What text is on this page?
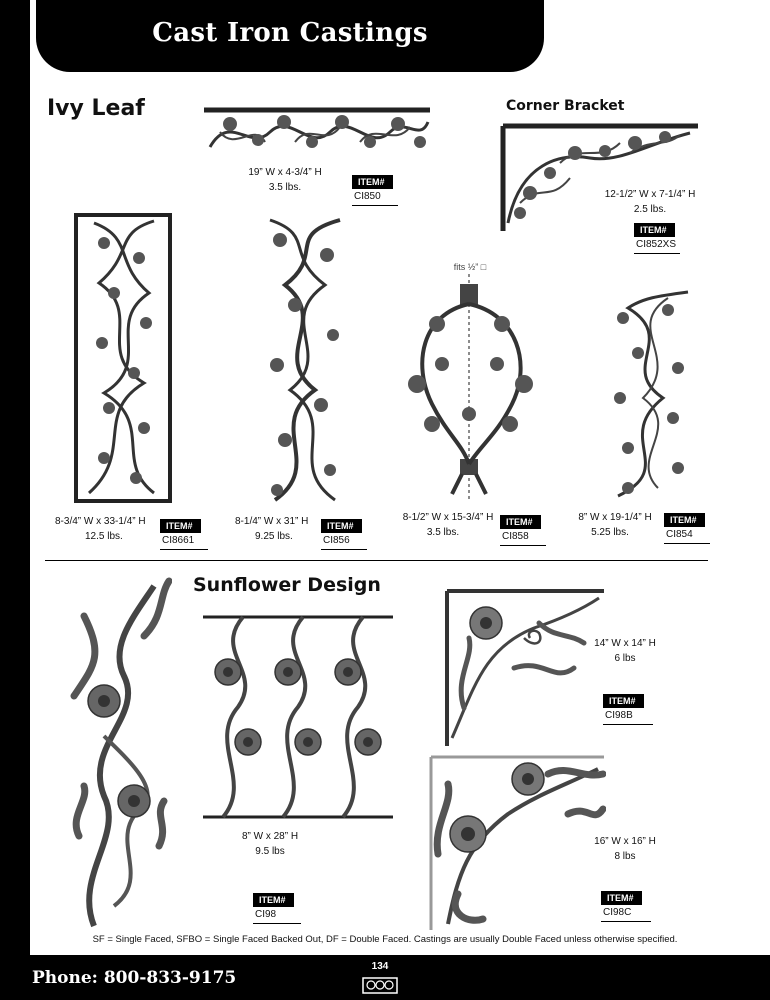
Cast Iron Castings
Ivy Leaf	Corner Bracket
Sunflower Design
19” W x 4-3/4” H
3.5 lbs.	ITEM#
CI850	12-1/2” W x 7-1/4” H
2.5 lbs.
ITEM#
CI852XS
8-3/4” W x 33-1/4” H
12.5 lbs.
ITEM#
CI8661
8-1/4” W x 31” H
9.25 lbs.
ITEM#
CI856
fits ½” □
8-1/2” W x 15-3/4” H
3.5 lbs.
ITEM#
CI858
8” W x 19-1/4” H
5.25 lbs.
ITEM#
CI854
8” W x 28” H
9.5 lbs
ITEM#
CI98
14” W x 14” H
6 lbs
ITEM#
CI98B
16” W x 16” H
8 lbs
ITEM#
CI98C
SF = Single Faced, SFBO = Single Faced Backed Out, DF = Double Faced. Castings are usually Double Faced unless otherwise specified.
Phone: 800-833-9175
134
